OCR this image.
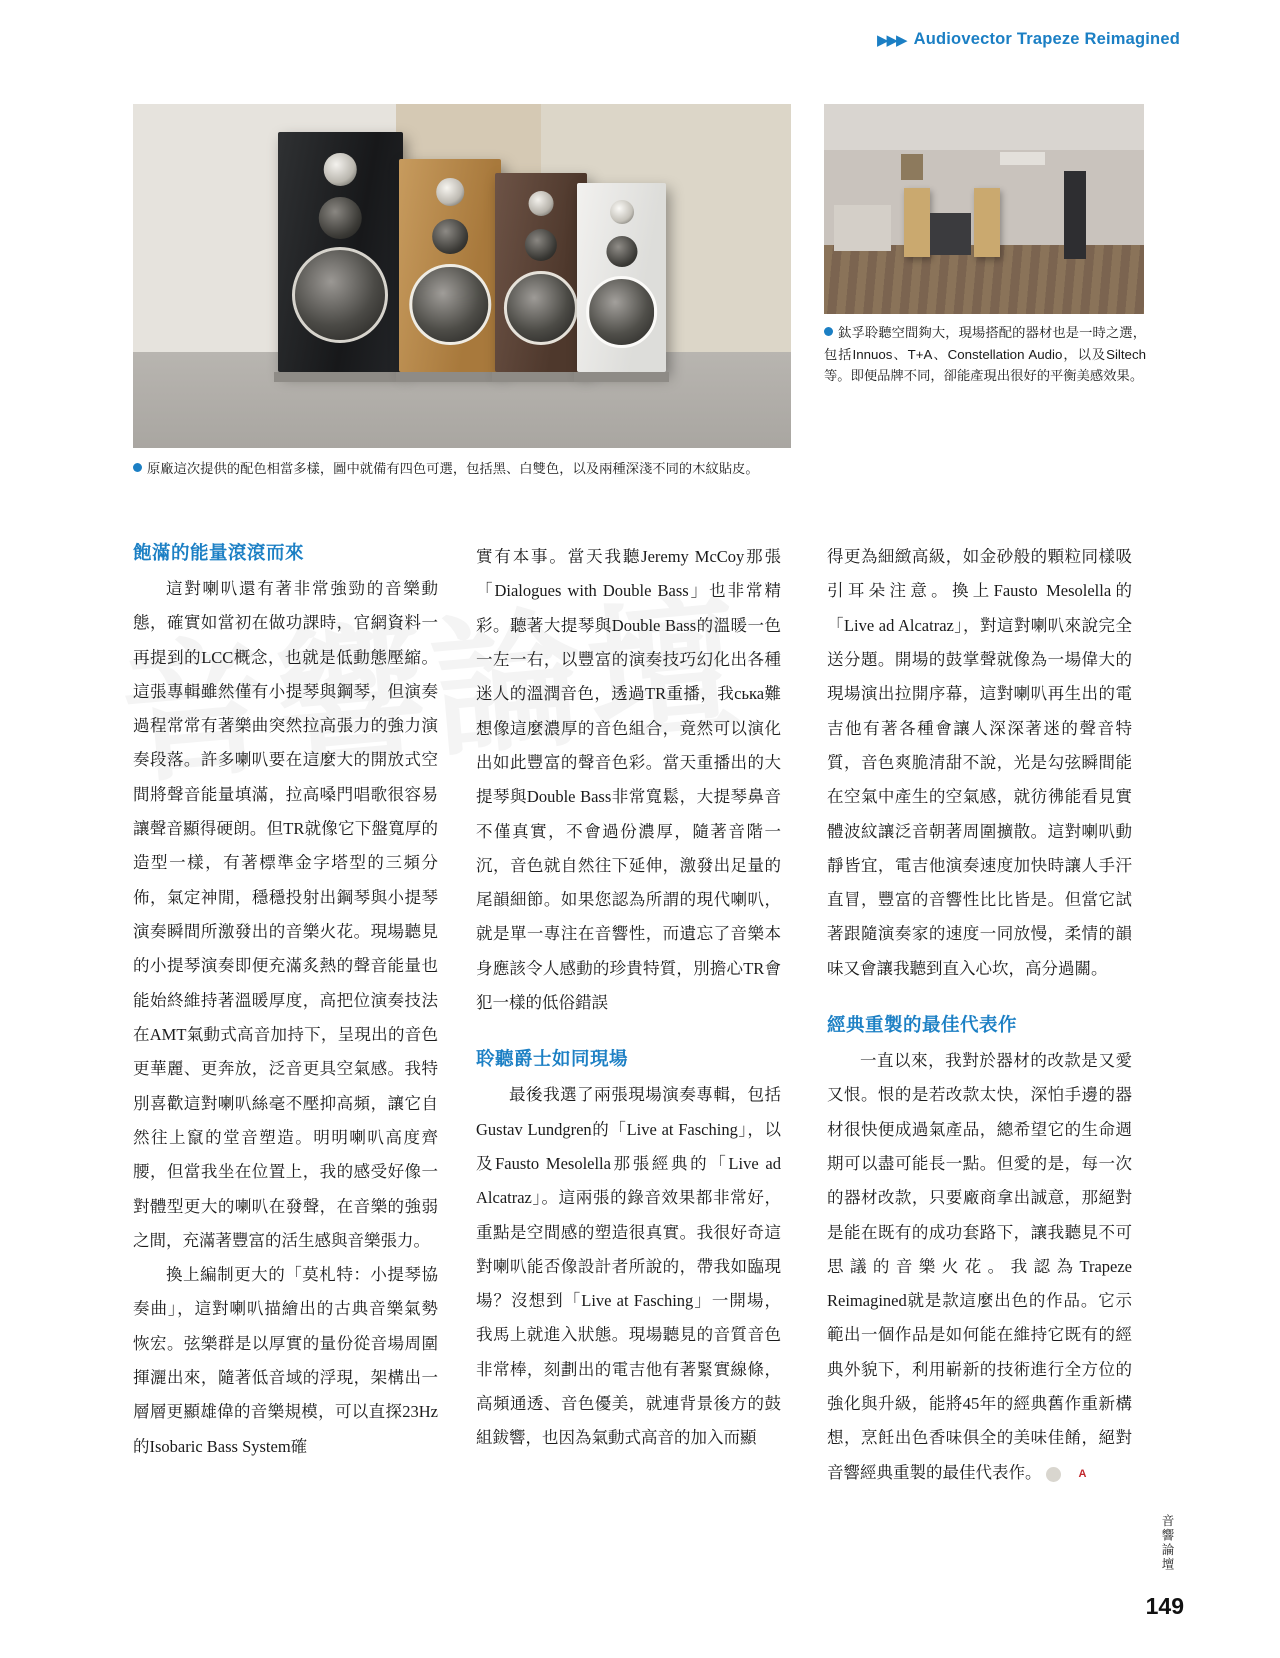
▶▶▶ Audiovector Trapeze Reimagined
原廠這次提供的配色相當多樣，圖中就備有四色可選，包括黑、白雙色，以及兩種深淺不同的木紋貼皮。
鈦孚聆聽空間夠大，現場搭配的器材也是一時之選，包括Innuos、T+A、Constellation Audio，以及Siltech等。即便品牌不同，卻能產現出很好的平衡美感效果。
飽滿的能量滾滾而來

這對喇叭還有著非常強勁的音樂動態，確實如當初在做功課時，官網資料一再提到的LCC概念，也就是低動態壓縮。這張專輯雖然僅有小提琴與鋼琴，但演奏過程常常有著樂曲突然拉高張力的強力演奏段落。許多喇叭要在這麼大的開放式空間將聲音能量填滿，拉高嗓門唱歌很容易讓聲音顯得硬朗。但TR就像它下盤寬厚的造型一樣，有著標準金字塔型的三頻分佈，氣定神閒，穩穩投射出鋼琴與小提琴演奏瞬間所激發出的音樂火花。現場聽見的小提琴演奏即便充滿炙熱的聲音能量也能始終維持著溫暖厚度，高把位演奏技法在AMT氣動式高音加持下，呈現出的音色更華麗、更奔放，泛音更具空氣感。我特別喜歡這對喇叭絲毫不壓抑高頻，讓它自然往上竄的堂音塑造。明明喇叭高度齊腰，但當我坐在位置上，我的感受好像一對體型更大的喇叭在發聲，在音樂的強弱之間，充滿著豐富的活生感與音樂張力。

換上編制更大的「莫札特：小提琴協奏曲」，這對喇叭描繪出的古典音樂氣勢恢宏。弦樂群是以厚實的量份從音場周圍揮灑出來，隨著低音域的浮現，架構出一層層更顯雄偉的音樂規模，可以直探23Hz的Isobaric Bass System確

實有本事。當天我聽Jeremy McCoy那張「Dialogues with Double Bass」也非常精彩。聽著大提琴與Double Bass的溫暖一色一左一右，以豐富的演奏技巧幻化出各種迷人的溫潤音色，透過TR重播，我ська難想像這麼濃厚的音色組合，竟然可以演化出如此豐富的聲音色彩。當天重播出的大提琴與Double Bass非常寬鬆，大提琴鼻音不僅真實，不會過份濃厚，隨著音階一沉，音色就自然往下延伸，激發出足量的尾韻細節。如果您認為所謂的現代喇叭，就是單一專注在音響性，而遺忘了音樂本身應該令人感動的珍貴特質，別擔心TR會犯一樣的低俗錯誤

聆聽爵士如同現場

最後我選了兩張現場演奏專輯，包括Gustav Lundgren的「Live at Fasching」，以及Fausto Mesolella那張經典的「Live ad Alcatraz」。這兩張的錄音效果都非常好，重點是空間感的塑造很真實。我很好奇這對喇叭能否像設計者所說的，帶我如臨現場？沒想到「Live at Fasching」一開場，我馬上就進入狀態。現場聽見的音質音色非常棒，刻劃出的電吉他有著緊實線條，高頻通透、音色優美，就連背景後方的鼓組鈸響，也因為氣動式高音的加入而顯

得更為細緻高級，如金砂般的顆粒同樣吸引耳朵注意。換上Fausto Mesolella的「Live ad Alcatraz」，對這對喇叭來說完全送分題。開場的鼓掌聲就像為一場偉大的現場演出拉開序幕，這對喇叭再生出的電吉他有著各種會讓人深深著迷的聲音特質，音色爽脆清甜不說，光是勾弦瞬間能在空氣中產生的空氣感，就彷彿能看見實體波紋讓泛音朝著周圍擴散。這對喇叭動靜皆宜，電吉他演奏速度加快時讓人手汗直冒，豐富的音響性比比皆是。但當它試著跟隨演奏家的速度一同放慢，柔情的韻味又會讓我聽到直入心坎，高分過關。

經典重製的最佳代表作

一直以來，我對於器材的改款是又愛又恨。恨的是若改款太快，深怕手邊的器材很快便成過氣產品，總希望它的生命週期可以盡可能長一點。但愛的是，每一次的器材改款，只要廠商拿出誠意，那絕對是能在既有的成功套路下，讓我聽見不可思議的音樂火花。我認為Trapeze Reimagined就是款這麼出色的作品。它示範出一個作品是如何能在維持它既有的經典外貌下，利用嶄新的技術進行全方位的強化與升級，能將45年的經典舊作重新構想，烹飪出色香味俱全的美味佳餚，絕對音響經典重製的最佳代表作。	A

音響論壇
149
